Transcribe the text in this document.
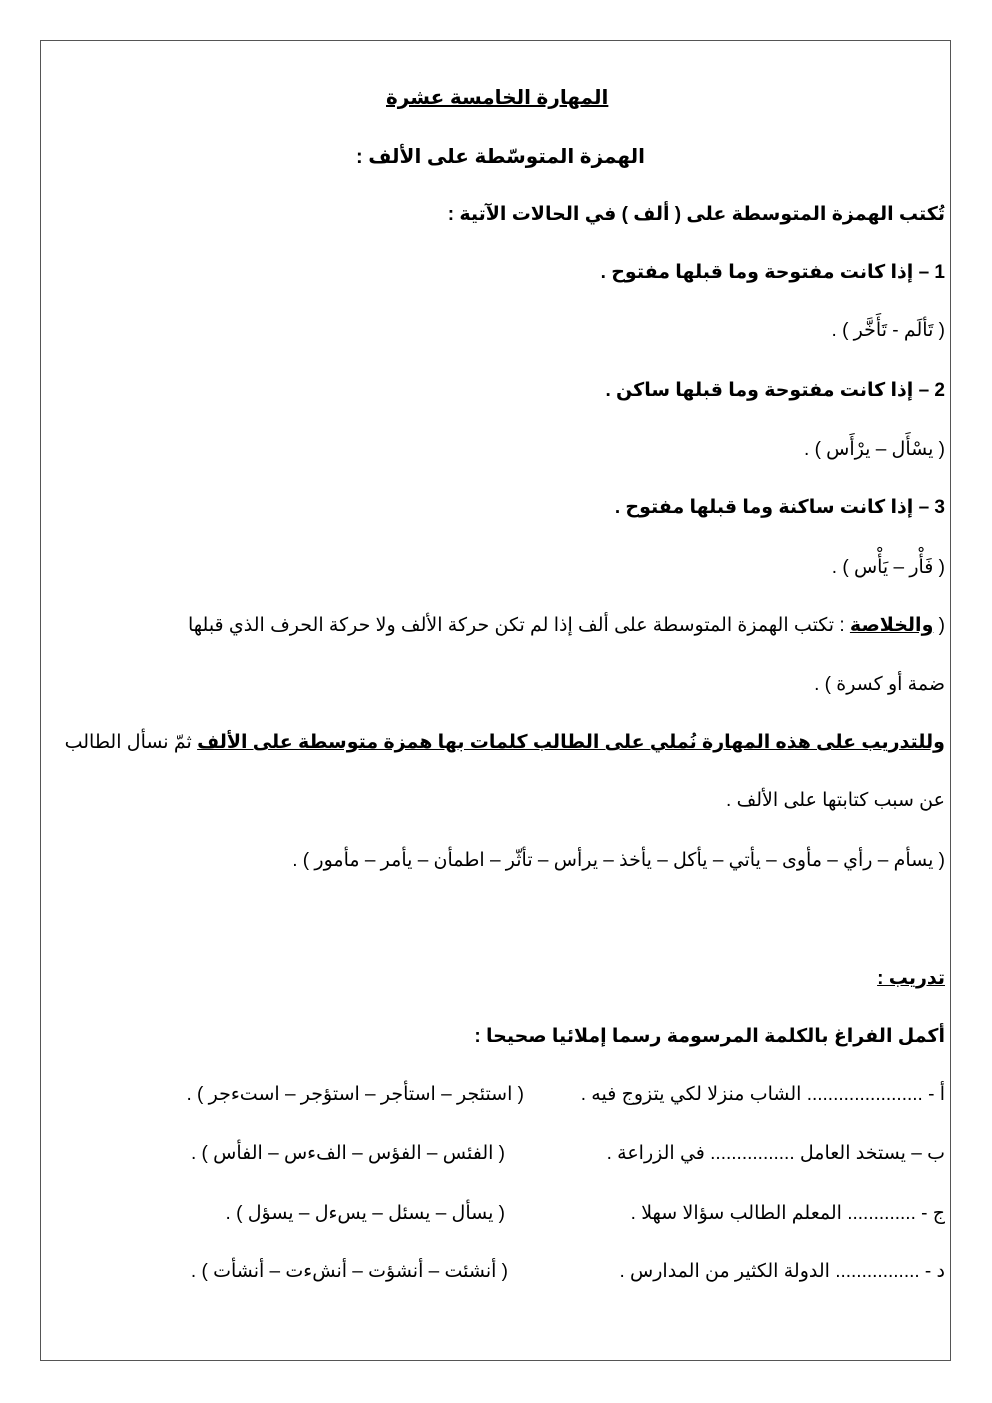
المهارة الخامسة عشرة
الهمزة المتوسّطة على الألف :
تُكتب الهمزة المتوسطة على ( ألف ) في الحالات الآتية :
1 – إذا كانت مفتوحة وما قبلها مفتوح .
( تَألَم - تَأَخَّر ) .
2 – إذا كانت مفتوحة وما قبلها ساكن .
( يسْأَل – يرْأَس ) .
3 – إذا كانت ساكنة وما قبلها مفتوح .
( فَأْر – يَأْس ) .
( والخلاصة : تكتب الهمزة المتوسطة على ألف إذا لم تكن حركة الألف ولا حركة الحرف الذي قبلها
ضمة أو كسرة ) .
وللتدريب على هذه المهارة نُملي على الطالب كلمات بها همزة متوسطة على الألف ثمّ نسأل الطالب
عن سبب كتابتها على الألف .
( يسأم – رأي – مأوى – يأتي – يأكل – يأخذ – يرأس – تأثّر – اطمأن – يأمر – مأمور ) .
تدريب :
أكمل الفراغ بالكلمة المرسومة رسما إملائيا صحيحا :
أ - ...................... الشاب منزلا لكي يتزوج فيه .
( استئجر – استأجر – استؤجر – استءجر ) .
ب – يستخد العامل ................ في الزراعة .
( الفئس – الفؤس – الفءس – الفأس ) .
ج - ............. المعلم الطالب سؤالا سهلا .
( يسأل – يسئل – يسءل – يسؤل ) .
د - ................ الدولة الكثير من المدارس .
( أنشئت – أنشؤت – أنشءت – أنشأت ) .
